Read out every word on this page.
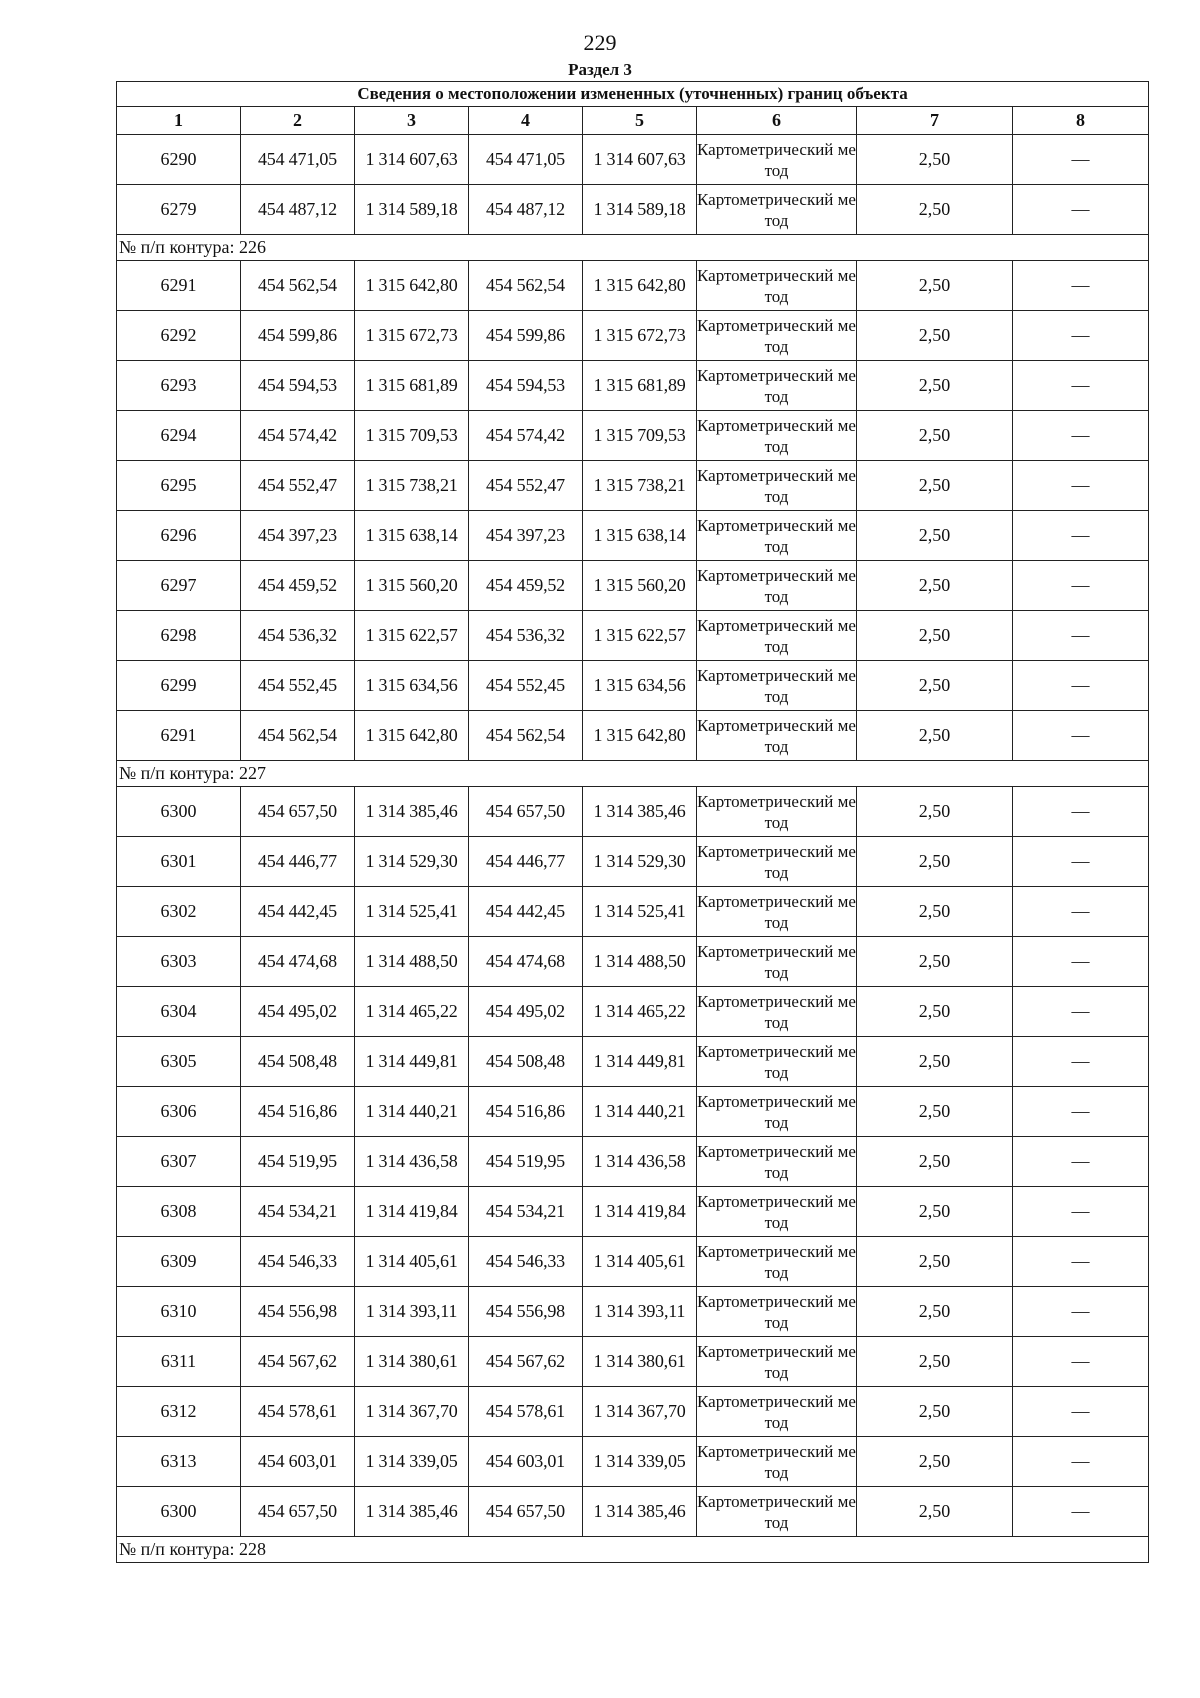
229
Раздел 3
Сведения о местоположении измененных (уточненных) границ объекта							
1	2	3	4	5	6	7	8
6290	454 471,05	1 314 607,63	454 471,05	1 314 607,63	Картометрический метод	2,50	—
6279	454 487,12	1 314 589,18	454 487,12	1 314 589,18	Картометрический метод	2,50	—
№ п/п контура: 226							
6291	454 562,54	1 315 642,80	454 562,54	1 315 642,80	Картометрический метод	2,50	—
6292	454 599,86	1 315 672,73	454 599,86	1 315 672,73	Картометрический метод	2,50	—
6293	454 594,53	1 315 681,89	454 594,53	1 315 681,89	Картометрический метод	2,50	—
6294	454 574,42	1 315 709,53	454 574,42	1 315 709,53	Картометрический метод	2,50	—
6295	454 552,47	1 315 738,21	454 552,47	1 315 738,21	Картометрический метод	2,50	—
6296	454 397,23	1 315 638,14	454 397,23	1 315 638,14	Картометрический метод	2,50	—
6297	454 459,52	1 315 560,20	454 459,52	1 315 560,20	Картометрический метод	2,50	—
6298	454 536,32	1 315 622,57	454 536,32	1 315 622,57	Картометрический метод	2,50	—
6299	454 552,45	1 315 634,56	454 552,45	1 315 634,56	Картометрический метод	2,50	—
6291	454 562,54	1 315 642,80	454 562,54	1 315 642,80	Картометрический метод	2,50	—
№ п/п контура: 227							
6300	454 657,50	1 314 385,46	454 657,50	1 314 385,46	Картометрический метод	2,50	—
6301	454 446,77	1 314 529,30	454 446,77	1 314 529,30	Картометрический метод	2,50	—
6302	454 442,45	1 314 525,41	454 442,45	1 314 525,41	Картометрический метод	2,50	—
6303	454 474,68	1 314 488,50	454 474,68	1 314 488,50	Картометрический метод	2,50	—
6304	454 495,02	1 314 465,22	454 495,02	1 314 465,22	Картометрический метод	2,50	—
6305	454 508,48	1 314 449,81	454 508,48	1 314 449,81	Картометрический метод	2,50	—
6306	454 516,86	1 314 440,21	454 516,86	1 314 440,21	Картометрический метод	2,50	—
6307	454 519,95	1 314 436,58	454 519,95	1 314 436,58	Картометрический метод	2,50	—
6308	454 534,21	1 314 419,84	454 534,21	1 314 419,84	Картометрический метод	2,50	—
6309	454 546,33	1 314 405,61	454 546,33	1 314 405,61	Картометрический метод	2,50	—
6310	454 556,98	1 314 393,11	454 556,98	1 314 393,11	Картометрический метод	2,50	—
6311	454 567,62	1 314 380,61	454 567,62	1 314 380,61	Картометрический метод	2,50	—
6312	454 578,61	1 314 367,70	454 578,61	1 314 367,70	Картометрический метод	2,50	—
6313	454 603,01	1 314 339,05	454 603,01	1 314 339,05	Картометрический метод	2,50	—
6300	454 657,50	1 314 385,46	454 657,50	1 314 385,46	Картометрический метод	2,50	—
№ п/п контура: 228							
